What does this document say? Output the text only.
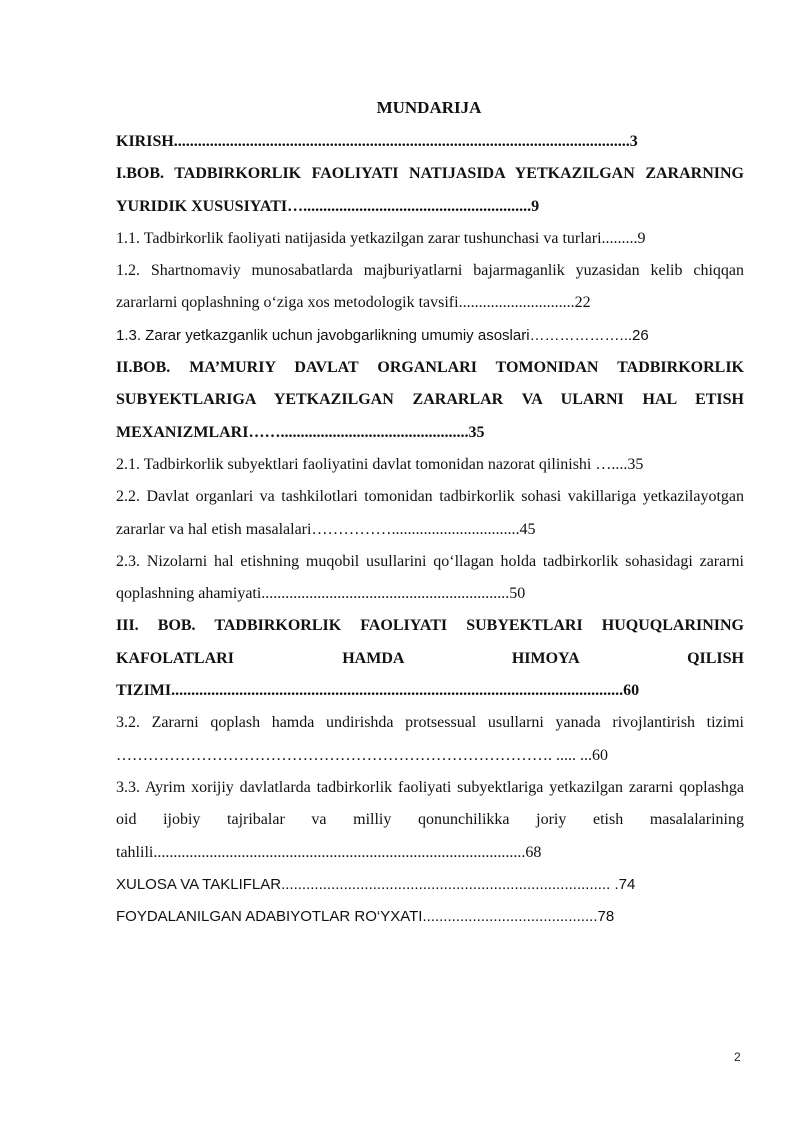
MUNDARIJA

KIRISH..................................................................................................................3

I.BOB. TADBIRKORLIK FAOLIYATI NATIJASIDA YETKAZILGAN ZARARNING YURIDIK XUSUSIYATI….........................................................9

1.1. Tadbirkorlik faoliyati natijasida yetkazilgan zarar tushunchasi va turlari.........9

1.2. Shartnomaviy munosabatlarda majburiyatlarni bajarmaganlik yuzasidan kelib chiqqan zararlarni qoplashning o‘ziga xos metodologik tavsifi.............................22

1.3. Zarar yetkazganlik uchun javobgarlikning umumiy asoslari………………...26

II.BOB. MA’MURIY DAVLAT ORGANLARI TOMONIDAN TADBIRKORLIK SUBYEKTLARIGA YETKAZILGAN ZARARLAR VA ULARNI HAL ETISH MEXANIZMLARI……...............................................35

2.1. Tadbirkorlik subyektlari faoliyatini davlat tomonidan nazorat qilinishi …....35

2.2. Davlat organlari va tashkilotlari tomonidan tadbirkorlik sohasi vakillariga yetkazilayotgan zararlar va hal etish masalalari……………................................45

2.3. Nizolarni hal etishning muqobil usullarini qo‘llagan holda tadbirkorlik sohasidagi zararni qoplashning ahamiyati..............................................................50

III. BOB. TADBIRKORLIK FAOLIYATI SUBYEKTLARI HUQUQLARINING KAFOLATLARI HAMDA HIMOYA QILISH TIZIMI.................................................................................................................60

3.2. Zararni qoplash hamda undirishda protsessual usullarni yanada rivojlantirish tizimi ………………………………………………………………………. ..... ...60

3.3. Ayrim xorijiy davlatlarda tadbirkorlik faoliyati subyektlariga yetkazilgan zararni qoplashga oid ijobiy tajribalar va milliy qonunchilikka joriy etish masalalarining tahlili.............................................................................................68

XULOSA VA TAKLIFLAR............................................................................... .74

FOYDALANILGAN ADABIYOTLAR RO‘YXATI..........................................78

2
